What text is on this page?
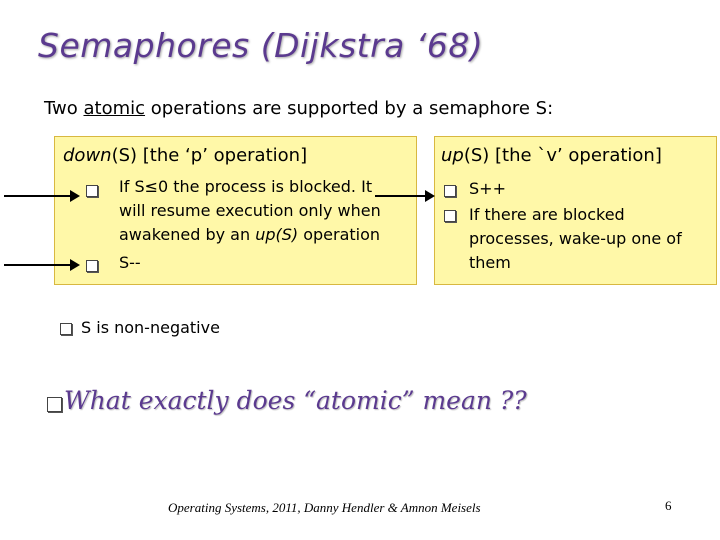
Semaphores (Dijkstra ‘68)
Two atomic operations are supported by a semaphore S:
down(S) [the ‘p’ operation]
If S≤0 the process is blocked. It
will resume execution only when
awakened by an up(S) operation
S--
up(S) [the `v’ operation]
S++
If there are blocked
processes, wake-up one of
them
S is non-negative
What exactly does “atomic” mean ??
Operating Systems, 2011, Danny Hendler & Amnon Meisels	6
